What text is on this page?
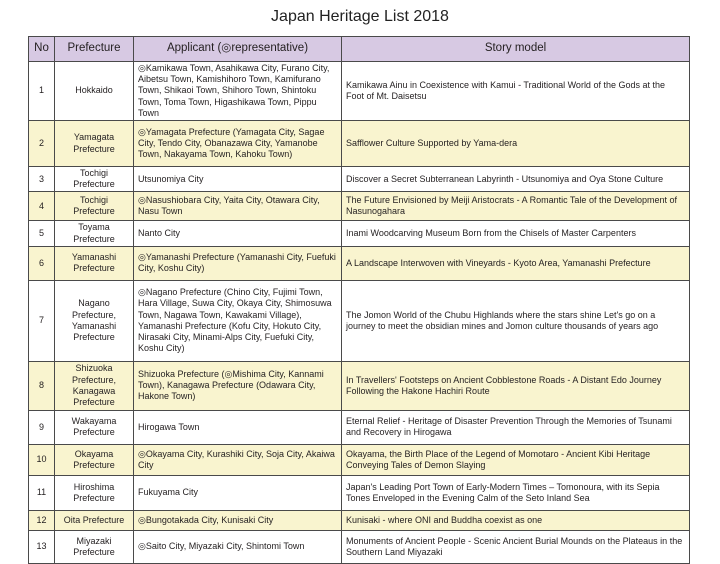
Japan Heritage List 2018
No	Prefecture	Applicant (◎representative)	Story model
1	Hokkaido	◎Kamikawa Town, Asahikawa City, Furano City, Aibetsu Town, Kamishihoro Town, Kamifurano Town, Shikaoi Town, Shihoro Town, Shintoku Town, Toma Town, Higashikawa Town, Pippu Town	Kamikawa Ainu in Coexistence with Kamui - Traditional World of the Gods at the Foot of Mt. Daisetsu
2	Yamagata Prefecture	◎Yamagata Prefecture (Yamagata City, Sagae City, Tendo City, Obanazawa City, Yamanobe Town, Nakayama Town, Kahoku Town)	Safflower Culture Supported by Yama-dera
3	Tochigi Prefecture	Utsunomiya City	Discover a Secret Subterranean Labyrinth - Utsunomiya and Oya Stone Culture
4	Tochigi Prefecture	◎Nasushiobara City, Yaita City, Otawara City, Nasu Town	The Future Envisioned by Meiji Aristocrats - A Romantic Tale of the Development of Nasunogahara
5	Toyama Prefecture	Nanto City	Inami Woodcarving Museum Born from the Chisels of Master Carpenters
6	Yamanashi Prefecture	◎Yamanashi Prefecture (Yamanashi City, Fuefuki City, Koshu City)	A Landscape Interwoven with Vineyards - Kyoto Area, Yamanashi Prefecture
7	Nagano Prefecture, Yamanashi Prefecture	◎Nagano Prefecture (Chino City, Fujimi Town, Hara Village, Suwa City, Okaya City, Shimosuwa Town, Nagawa Town, Kawakami Village), Yamanashi Prefecture (Kofu City, Hokuto City, Nirasaki City, Minami-Alps City, Fuefuki City, Koshu City)	The Jomon World of the Chubu Highlands where the stars shine Let's go on a journey to meet the obsidian mines and Jomon culture thousands of years ago
8	Shizuoka Prefecture, Kanagawa Prefecture	Shizuoka Prefecture (◎Mishima City, Kannami Town), Kanagawa Prefecture (Odawara City, Hakone Town)	In Travellers' Footsteps on Ancient Cobblestone Roads - A Distant Edo Journey Following the Hakone Hachiri Route
9	Wakayama Prefecture	Hirogawa Town	Eternal Relief - Heritage of Disaster Prevention Through the Memories of Tsunami and Recovery in Hirogawa
10	Okayama Prefecture	◎Okayama City, Kurashiki City, Soja City, Akaiwa City	Okayama, the Birth Place of the Legend of Momotaro - Ancient Kibi Heritage Conveying Tales of Demon Slaying
11	Hiroshima Prefecture	Fukuyama City	Japan's Leading Port Town of Early-Modern Times – Tomonoura, with its Sepia Tones Enveloped in the Evening Calm of the Seto Inland Sea
12	Oita Prefecture	◎Bungotakada City, Kunisaki City	Kunisaki - where ONI and Buddha coexist as one
13	Miyazaki Prefecture	◎Saito City, Miyazaki City, Shintomi Town	Monuments of Ancient People - Scenic Ancient Burial Mounds on the Plateaus in the Southern Land Miyazaki
